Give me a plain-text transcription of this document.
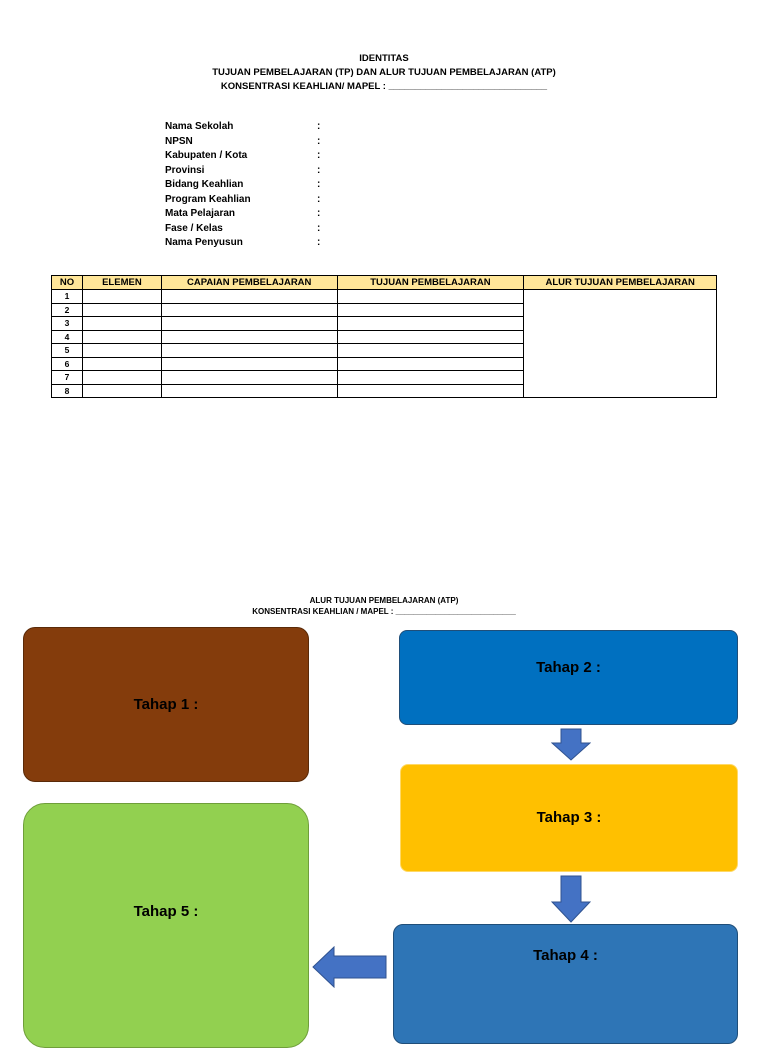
IDENTITAS
TUJUAN PEMBELAJARAN (TP) DAN ALUR TUJUAN PEMBELAJARAN (ATP)
KONSENTRASI KEAHLIAN/ MAPEL : ______________________________
Nama Sekolah	:
NPSN	:
Kabupaten / Kota	:
Provinsi	:
Bidang Keahlian	:
Program Keahlian	:
Mata Pelajaran	:
Fase / Kelas	:
Nama Penyusun	:
NO	ELEMEN	CAPAIAN PEMBELAJARAN	TUJUAN PEMBELAJARAN	ALUR TUJUAN PEMBELAJARAN
1				
2				
3				
4				
5				
6				
7				
8				
ALUR TUJUAN PEMBELAJARAN (ATP)
KONSENTRASI KEAHLIAN / MAPEL : ___________________________
Tahap 1 :
Tahap 2 :
Tahap 3 :
Tahap 4 :
Tahap 5 :
